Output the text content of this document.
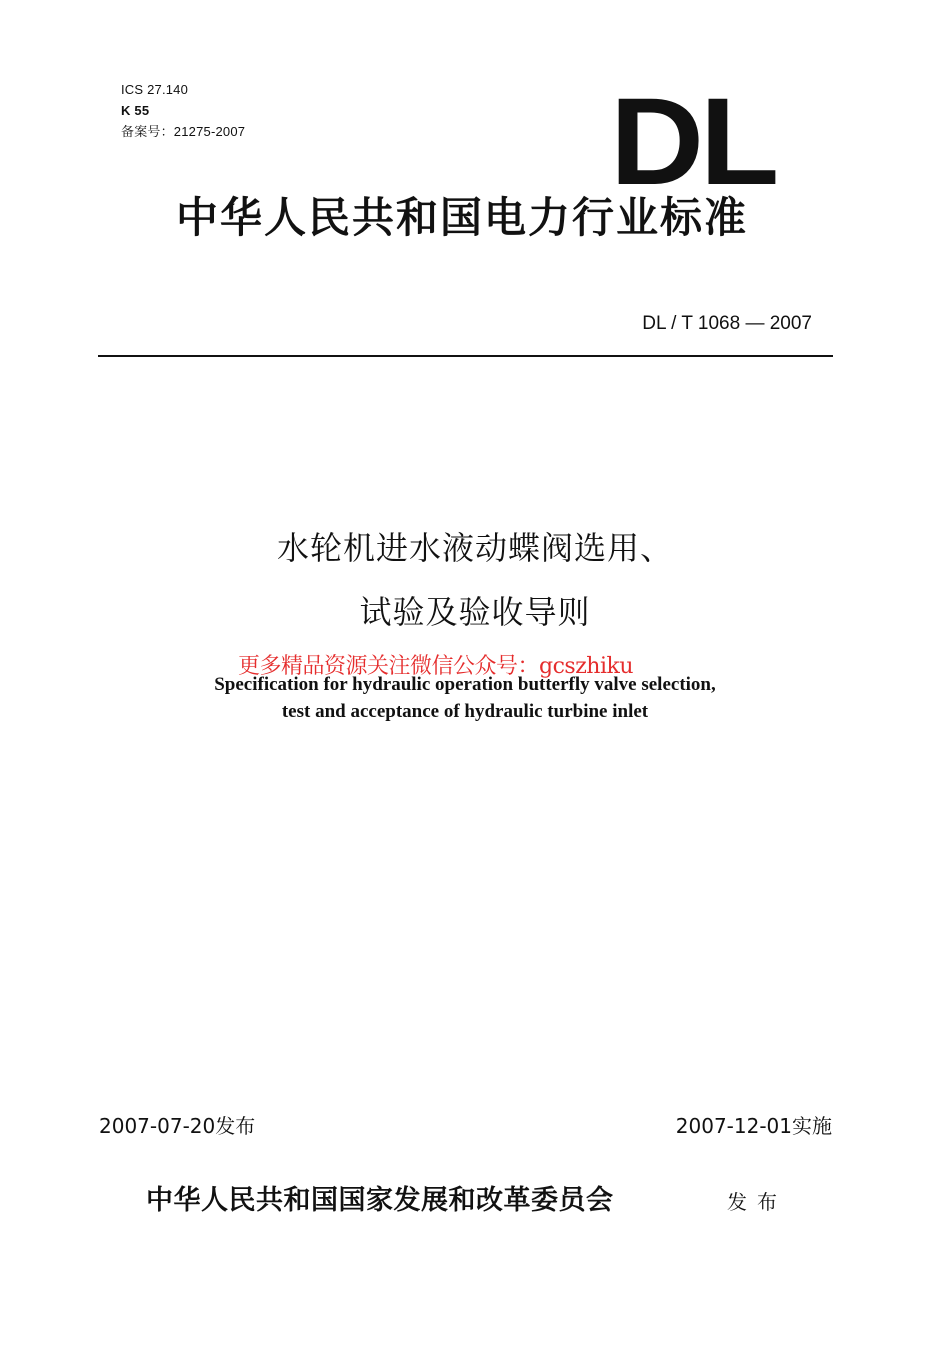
ICS 27.140
K 55
备案号：21275-2007	DL
中华人民共和国电力行业标准
DL / T 1068 — 2007
水轮机进水液动蝶阀选用、
试验及验收导则
Specification for hydraulic operation butterfly valve selection,
test and acceptance of hydraulic turbine inlet
更多精品资源关注微信公众号：gcszhiku
2007-07-20发布	2007-12-01实施
中华人民共和国国家发展和改革委员会	发布
